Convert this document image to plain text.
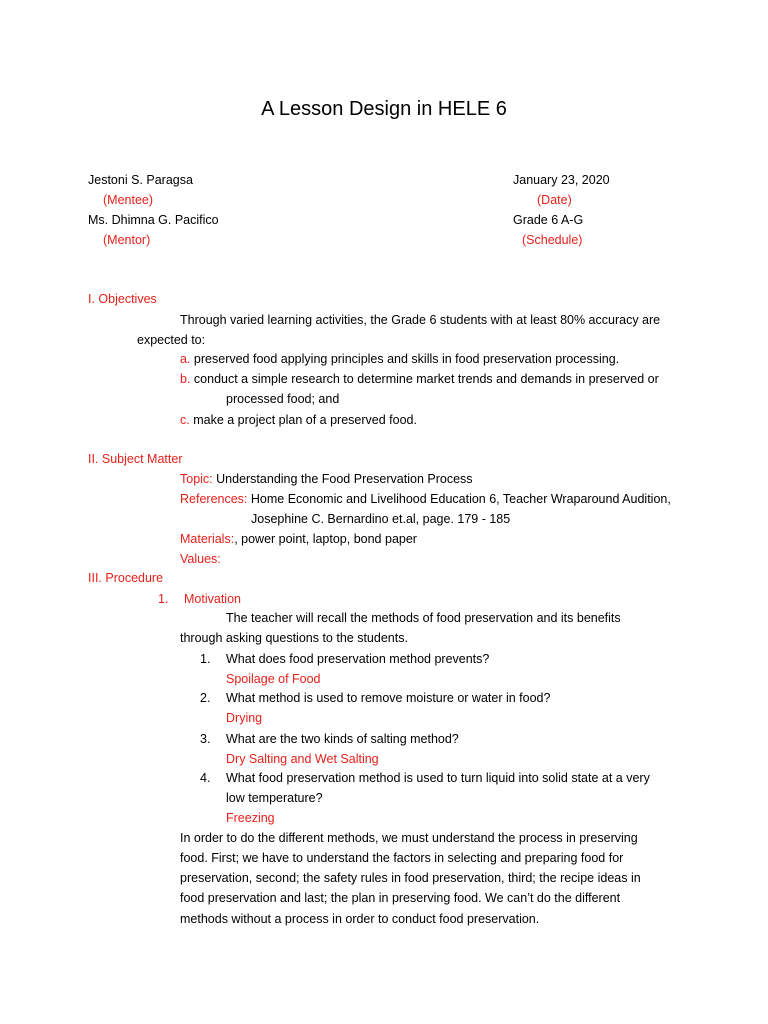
A Lesson Design in HELE 6
Jestoni S. Paragsa
(Mentee)
Ms. Dhimna G. Pacifico
(Mentor)
January 23, 2020
(Date)
Grade 6 A-G
(Schedule)
I. Objectives
Through varied learning activities, the Grade 6 students with at least 80% accuracy are
expected to:
a. preserved food applying principles and skills in food preservation processing.
b. conduct a simple research to determine market trends and demands in preserved or
processed food; and
c. make a project plan of a preserved food.
II. Subject Matter
Topic: Understanding the Food Preservation Process
References: Home Economic and Livelihood Education 6, Teacher Wraparound Audition,
Josephine C. Bernardino et.al, page. 179 - 185
Materials:, power point, laptop, bond paper
Values:
III. Procedure
1. Motivation
The teacher will recall the methods of food preservation and its benefits
through asking questions to the students.
1. What does food preservation method prevents?
Spoilage of Food
2. What method is used to remove moisture or water in food?
Drying
3. What are the two kinds of salting method?
Dry Salting and Wet Salting
4. What food preservation method is used to turn liquid into solid state at a very
low temperature?
Freezing
In order to do the different methods, we must understand the process in preserving
food. First; we have to understand the factors in selecting and preparing food for
preservation, second; the safety rules in food preservation, third; the recipe ideas in
food preservation and last; the plan in preserving food. We can’t do the different
methods without a process in order to conduct food preservation.
